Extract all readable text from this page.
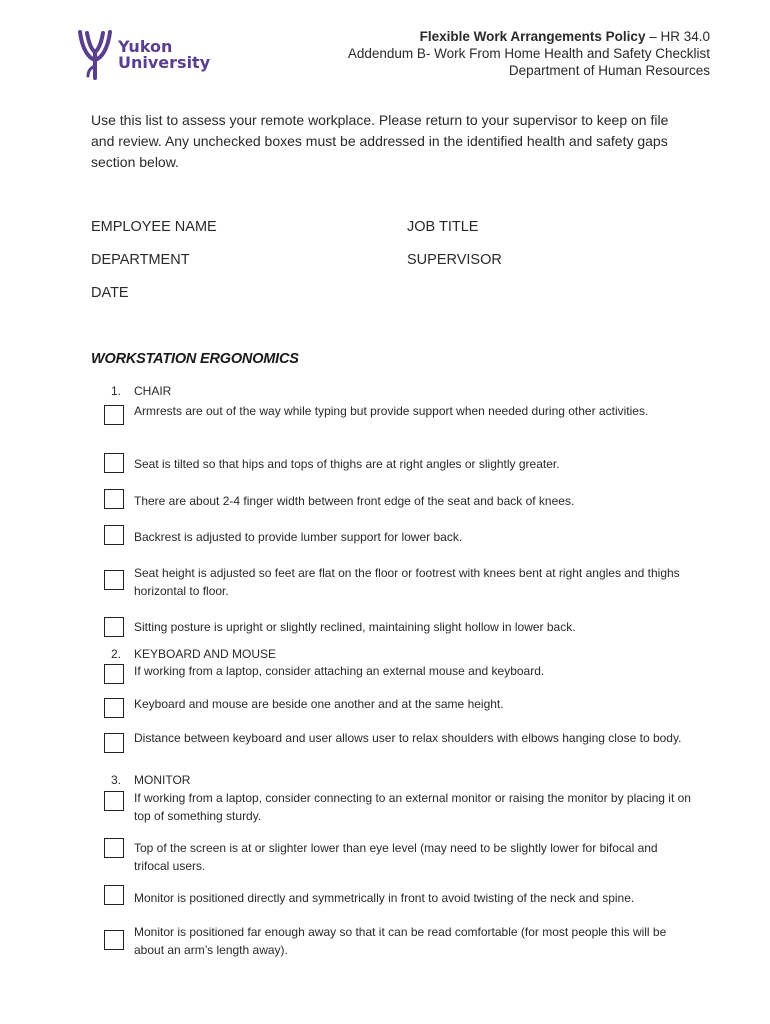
Yukon
University
Flexible Work Arrangements Policy – HR 34.0
Addendum B- Work From Home Health and Safety Checklist
Department of Human Resources
Use this list to assess your remote workplace. Please return to your supervisor to keep on file and review. Any unchecked boxes must be addressed in the identified health and safety gaps section below.
EMPLOYEE NAME	JOB TITLE
DEPARTMENT	SUPERVISOR
DATE
WORKSTATION ERGONOMICS
1. CHAIR
Armrests are out of the way while typing but provide support when needed during other activities.
Seat is tilted so that hips and tops of thighs are at right angles or slightly greater.
There are about 2-4 finger width between front edge of the seat and back of knees.
Backrest is adjusted to provide lumber support for lower back.
Seat height is adjusted so feet are flat on the floor or footrest with knees bent at right angles and thighs horizontal to floor.
Sitting posture is upright or slightly reclined, maintaining slight hollow in lower back.
2. KEYBOARD AND MOUSE
If working from a laptop, consider attaching an external mouse and keyboard.
Keyboard and mouse are beside one another and at the same height.
Distance between keyboard and user allows user to relax shoulders with elbows hanging close to body.
3. MONITOR
If working from a laptop, consider connecting to an external monitor or raising the monitor by placing it on top of something sturdy.
Top of the screen is at or slighter lower than eye level (may need to be slightly lower for bifocal and trifocal users.
Monitor is positioned directly and symmetrically in front to avoid twisting of the neck and spine.
Monitor is positioned far enough away so that it can be read comfortable (for most people this will be about an arm’s length away).
